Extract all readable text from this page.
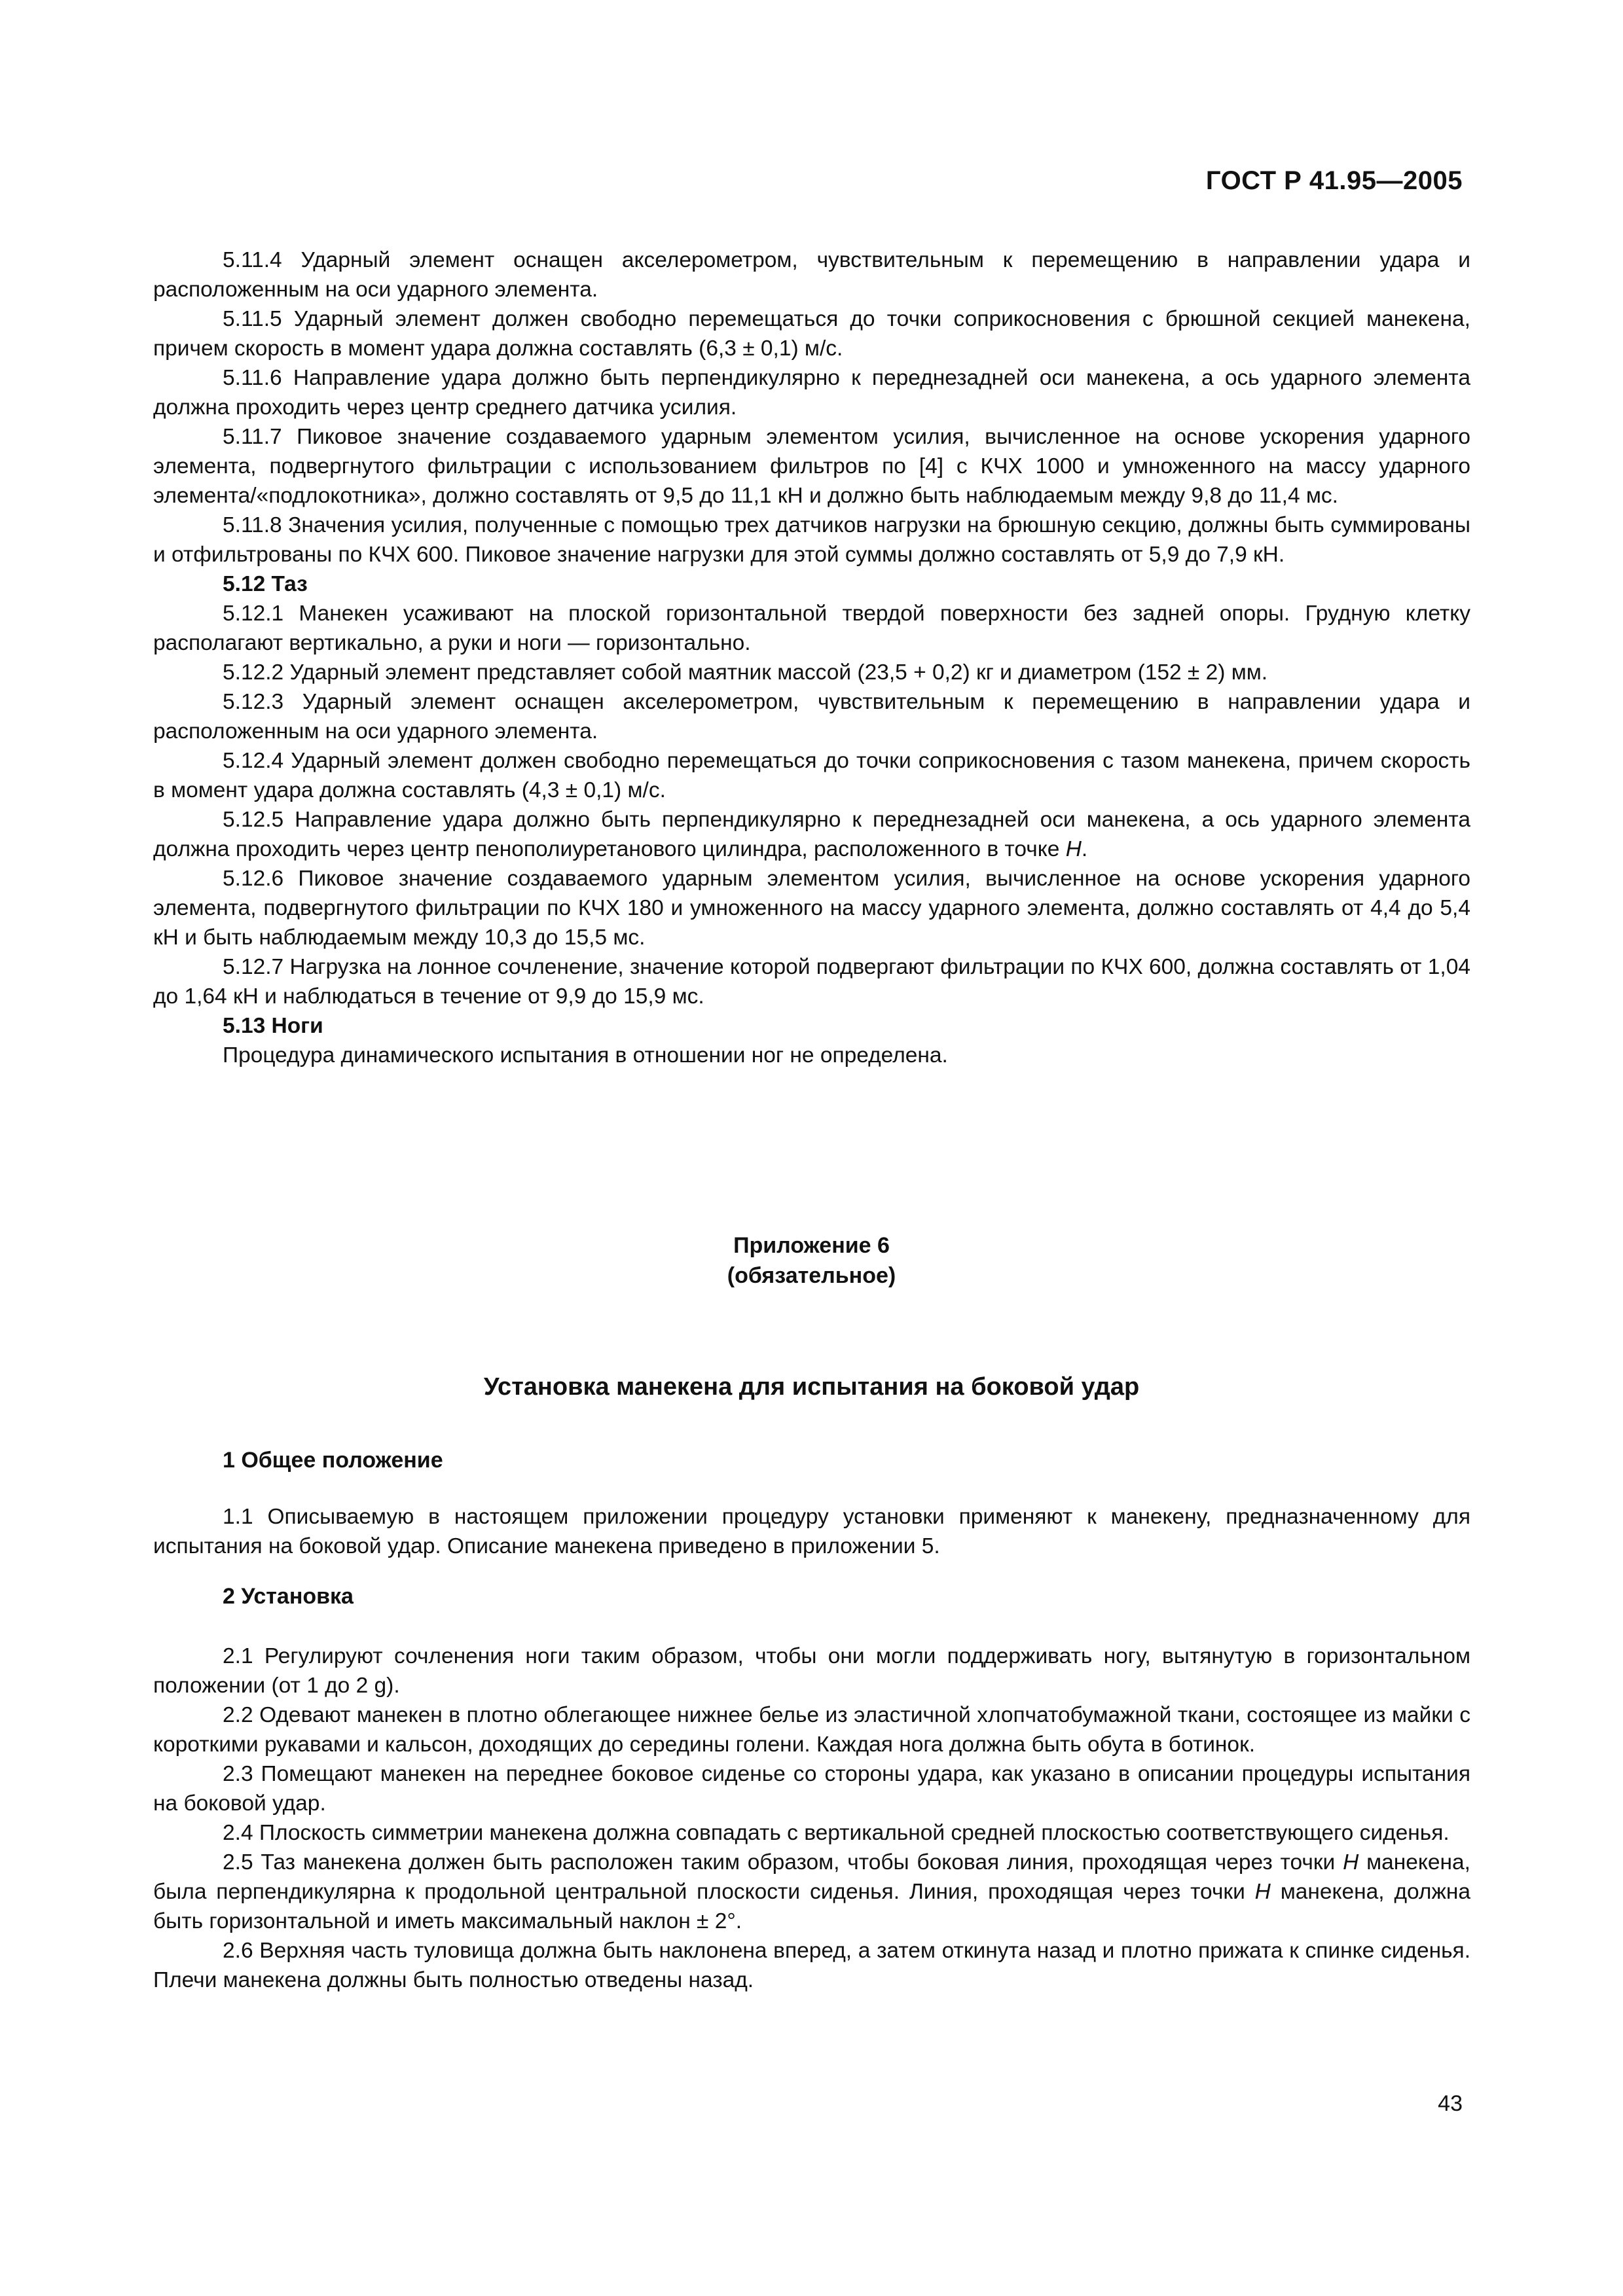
ГОСТ Р 41.95—2005

5.11.4 Ударный элемент оснащен акселерометром, чувствительным к перемещению в направлении удара и расположенным на оси ударного элемента.

5.11.5 Ударный элемент должен свободно перемещаться до точки соприкосновения с брюшной секцией манекена, причем скорость в момент удара должна составлять (6,3 ± 0,1) м/с.

5.11.6 Направление удара должно быть перпендикулярно к переднезадней оси манекена, а ось ударного элемента должна проходить через центр среднего датчика усилия.

5.11.7 Пиковое значение создаваемого ударным элементом усилия, вычисленное на основе ускорения ударного элемента, подвергнутого фильтрации с использованием фильтров по [4] с КЧХ 1000 и умноженного на массу ударного элемента/«подлокотника», должно составлять от 9,5 до 11,1 кН и должно быть наблюдаемым между 9,8 до 11,4 мс.

5.11.8 Значения усилия, полученные с помощью трех датчиков нагрузки на брюшную секцию, должны быть суммированы и отфильтрованы по КЧХ 600. Пиковое значение нагрузки для этой суммы должно составлять от 5,9 до 7,9 кН.

5.12 Таз

5.12.1 Манекен усаживают на плоской горизонтальной твердой поверхности без задней опоры. Грудную клетку располагают вертикально, а руки и ноги — горизонтально.

5.12.2 Ударный элемент представляет собой маятник массой (23,5 + 0,2) кг и диаметром (152 ± 2) мм.

5.12.3 Ударный элемент оснащен акселерометром, чувствительным к перемещению в направлении удара и расположенным на оси ударного элемента.

5.12.4 Ударный элемент должен свободно перемещаться до точки соприкосновения с тазом манекена, причем скорость в момент удара должна составлять (4,3 ± 0,1) м/с.

5.12.5 Направление удара должно быть перпендикулярно к переднезадней оси манекена, а ось ударного элемента должна проходить через центр пенополиуретанового цилиндра, расположенного в точке H.

5.12.6 Пиковое значение создаваемого ударным элементом усилия, вычисленное на основе ускорения ударного элемента, подвергнутого фильтрации по КЧХ 180 и умноженного на массу ударного элемента, должно составлять от 4,4 до 5,4 кН и быть наблюдаемым между 10,3 до 15,5 мс.

5.12.7 Нагрузка на лонное сочленение, значение которой подвергают фильтрации по КЧХ 600, должна составлять от 1,04 до 1,64 кН и наблюдаться в течение от 9,9 до 15,9 мс.

5.13 Ноги

Процедура динамического испытания в отношении ног не определена.

Приложение 6
(обязательное)
Установка манекена для испытания на боковой удар
1 Общее положение

1.1 Описываемую в настоящем приложении процедуру установки применяют к манекену, предназначенному для испытания на боковой удар. Описание манекена приведено в приложении 5.

2 Установка

2.1 Регулируют сочленения ноги таким образом, чтобы они могли поддерживать ногу, вытянутую в горизонтальном положении (от 1 до 2 g).

2.2 Одевают манекен в плотно облегающее нижнее белье из эластичной хлопчатобумажной ткани, состоящее из майки с короткими рукавами и кальсон, доходящих до середины голени. Каждая нога должна быть обута в ботинок.

2.3 Помещают манекен на переднее боковое сиденье со стороны удара, как указано в описании процедуры испытания на боковой удар.

2.4 Плоскость симметрии манекена должна совпадать с вертикальной средней плоскостью соответствующего сиденья.

2.5 Таз манекена должен быть расположен таким образом, чтобы боковая линия, проходящая через точки H манекена, была перпендикулярна к продольной центральной плоскости сиденья. Линия, проходящая через точки H манекена, должна быть горизонтальной и иметь максимальный наклон ± 2°.

2.6 Верхняя часть туловища должна быть наклонена вперед, а затем откинута назад и плотно прижата к спинке сиденья. Плечи манекена должны быть полностью отведены назад.

43
